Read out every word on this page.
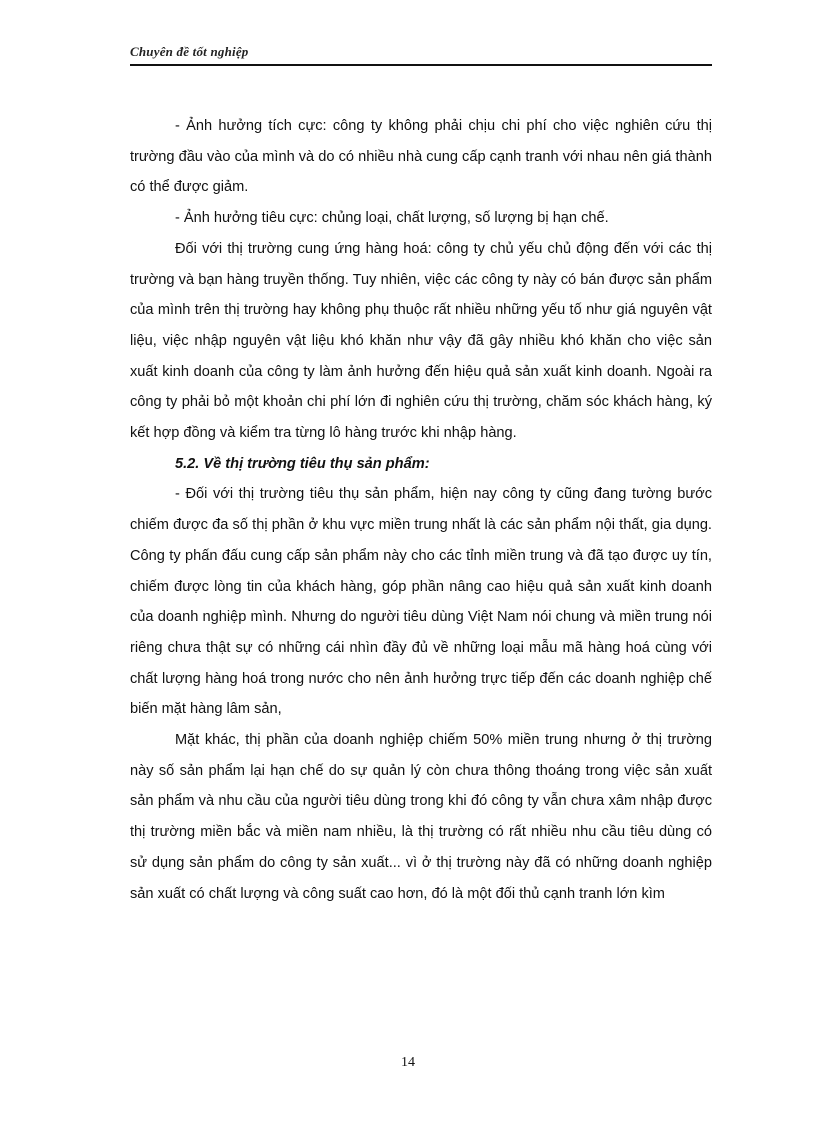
Chuyên đề tốt nghiệp

- Ảnh hưởng tích cực: công ty không phải chịu chi phí cho việc nghiên cứu thị trường đầu vào của mình và do có nhiều nhà cung cấp cạnh tranh với nhau nên giá thành có thể được giảm.

- Ảnh hưởng tiêu cực: chủng loại, chất lượng, số lượng bị hạn chế.

Đối với thị trường cung ứng hàng hoá: công ty chủ yếu chủ động đến với các thị trường và bạn hàng truyền thống. Tuy nhiên, việc các công ty này có bán được sản phẩm của mình trên thị trường hay không phụ thuộc rất nhiều những yếu tố như giá nguyên vật liệu, việc nhập nguyên vật liệu khó khăn như vậy đã gây nhiều khó khăn cho việc sản xuất kinh doanh của công ty làm ảnh hưởng đến hiệu quả sản xuất kinh doanh. Ngoài ra công ty phải bỏ một khoản chi phí lớn đi nghiên cứu thị trường, chăm sóc khách hàng, ký kết hợp đồng và kiểm tra từng lô hàng trước khi nhập hàng.

5.2. Về thị trường tiêu thụ sản phẩm:

- Đối với thị trường tiêu thụ sản phẩm, hiện nay công ty cũng đang tường bước chiếm được đa số thị phần ở khu vực miền trung nhất là các sản phẩm nội thất, gia dụng. Công ty phấn đấu cung cấp sản phẩm này cho các tỉnh miền trung và đã tạo được uy tín, chiếm được lòng tin của khách hàng, góp phần nâng cao hiệu quả sản xuất kinh doanh của doanh nghiệp mình. Nhưng do người tiêu dùng Việt Nam nói chung và miền trung nói riêng chưa thật sự có những cái nhìn đầy đủ về những loại mẫu mã hàng hoá cùng với chất lượng hàng hoá trong nước cho nên ảnh hưởng trực tiếp đến các doanh nghiệp chế biến mặt hàng lâm sản,

Mặt khác, thị phần của doanh nghiệp chiếm 50% miền trung nhưng ở thị trường này số sản phẩm lại hạn chế do sự quản lý còn chưa thông thoáng trong việc sản xuất sản phẩm và nhu cầu của người tiêu dùng trong khi đó công ty vẫn chưa xâm nhập được thị trường miền bắc và miền nam nhiều, là thị trường có rất nhiều nhu cầu tiêu dùng có sử dụng sản phẩm do công ty sản xuất... vì ở thị trường này đã có những doanh nghiệp sản xuất có chất lượng và công suất cao hơn, đó là một đối thủ cạnh tranh lớn kìm

14
